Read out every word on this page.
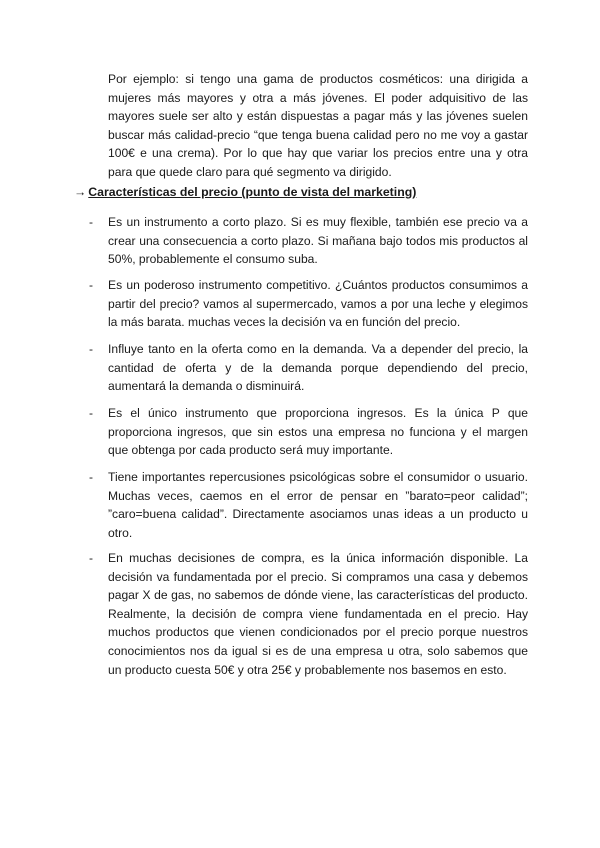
Por ejemplo: si tengo una gama de productos cosméticos: una dirigida a mujeres más mayores y otra a más jóvenes. El poder adquisitivo de las mayores suele ser alto y están dispuestas a pagar más y las jóvenes suelen buscar más calidad-precio “que tenga buena calidad pero no me voy a gastar 100€ e una crema). Por lo que hay que variar los precios entre una y otra para que quede claro para qué segmento va dirigido.

→ Características del precio (punto de vista del marketing)

- Es un instrumento a corto plazo. Si es muy flexible, también ese precio va a crear una consecuencia a corto plazo. Si mañana bajo todos mis productos al 50%, probablemente el consumo suba.

- Es un poderoso instrumento competitivo. ¿Cuántos productos consumimos a partir del precio? vamos al supermercado, vamos a por una leche y elegimos la más barata. muchas veces la decisión va en función del precio.

- Influye tanto en la oferta como en la demanda. Va a depender del precio, la cantidad de oferta y de la demanda porque dependiendo del precio, aumentará la demanda o disminuirá.

- Es el único instrumento que proporciona ingresos. Es la única P que proporciona ingresos, que sin estos una empresa no funciona y el margen que obtenga por cada producto será muy importante.

- Tiene importantes repercusiones psicológicas sobre el consumidor o usuario. Muchas veces, caemos en el error de pensar en ”barato=peor calidad”; ”caro=buena calidad”. Directamente asociamos unas ideas a un producto u otro.

- En muchas decisiones de compra, es la única información disponible. La decisión va fundamentada por el precio. Si compramos una casa y debemos pagar X de gas, no sabemos de dónde viene, las características del producto. Realmente, la decisión de compra viene fundamentada en el precio. Hay muchos productos que vienen condicionados por el precio porque nuestros conocimientos nos da igual si es de una empresa u otra, solo sabemos que un producto cuesta 50€ y otra 25€ y probablemente nos basemos en esto.
